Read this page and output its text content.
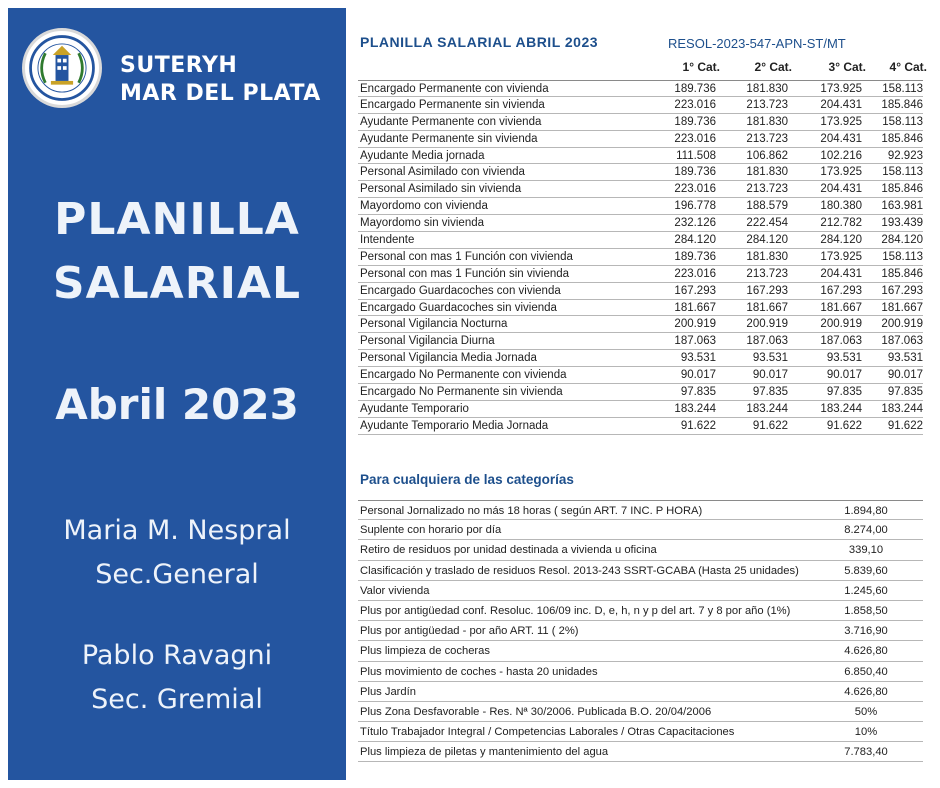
SUTERYH
MAR DEL PLATA
PLANILLA
SALARIAL
Abril 2023
Maria M. Nespral
Sec.General
Pablo Ravagni
Sec. Gremial
PLANILLA SALARIAL ABRIL 2023	RESOL-2023-547-APN-ST/MT
1° Cat.	2° Cat.	3° Cat.	4° Cat.
Encargado Permanente con vivienda	189.736	181.830	173.925	158.113
Encargado Permanente sin vivienda	223.016	213.723	204.431	185.846
Ayudante Permanente con vivienda	189.736	181.830	173.925	158.113
Ayudante Permanente sin vivienda	223.016	213.723	204.431	185.846
Ayudante Media jornada	111.508	106.862	102.216	92.923
Personal Asimilado con vivienda	189.736	181.830	173.925	158.113
Personal Asimilado sin vivienda	223.016	213.723	204.431	185.846
Mayordomo con vivienda	196.778	188.579	180.380	163.981
Mayordomo sin vivienda	232.126	222.454	212.782	193.439
Intendente	284.120	284.120	284.120	284.120
Personal con mas 1 Función con vivienda	189.736	181.830	173.925	158.113
Personal con mas 1 Función sin vivienda	223.016	213.723	204.431	185.846
Encargado Guardacoches con vivienda	167.293	167.293	167.293	167.293
Encargado Guardacoches sin vivienda	181.667	181.667	181.667	181.667
Personal Vigilancia Nocturna	200.919	200.919	200.919	200.919
Personal Vigilancia Diurna	187.063	187.063	187.063	187.063
Personal Vigilancia Media Jornada	93.531	93.531	93.531	93.531
Encargado No Permanente con vivienda	90.017	90.017	90.017	90.017
Encargado No Permanente sin vivienda	97.835	97.835	97.835	97.835
Ayudante Temporario	183.244	183.244	183.244	183.244
Ayudante Temporario Media Jornada	91.622	91.622	91.622	91.622
Para cualquiera de las categorías
Personal Jornalizado no más 18 horas ( según ART. 7 INC. P HORA)	1.894,80
Suplente con horario por día	8.274,00
Retiro de residuos por unidad destinada a vivienda u oficina	339,10
Clasificación y traslado de residuos Resol. 2013-243 SSRT-GCABA (Hasta 25 unidades)	5.839,60
Valor vivienda	1.245,60
Plus por antigüedad conf. Resoluc. 106/09 inc. D, e, h, n y p del art. 7 y 8 por año (1%)	1.858,50
Plus por antigüedad - por año ART. 11 ( 2%)	3.716,90
Plus limpieza de cocheras	4.626,80
Plus movimiento de coches - hasta 20 unidades	6.850,40
Plus Jardín	4.626,80
Plus Zona Desfavorable - Res. Nª 30/2006. Publicada B.O. 20/04/2006	50%
Título Trabajador Integral / Competencias Laborales / Otras Capacitaciones	10%
Plus limpieza de piletas y mantenimiento del agua	7.783,40
